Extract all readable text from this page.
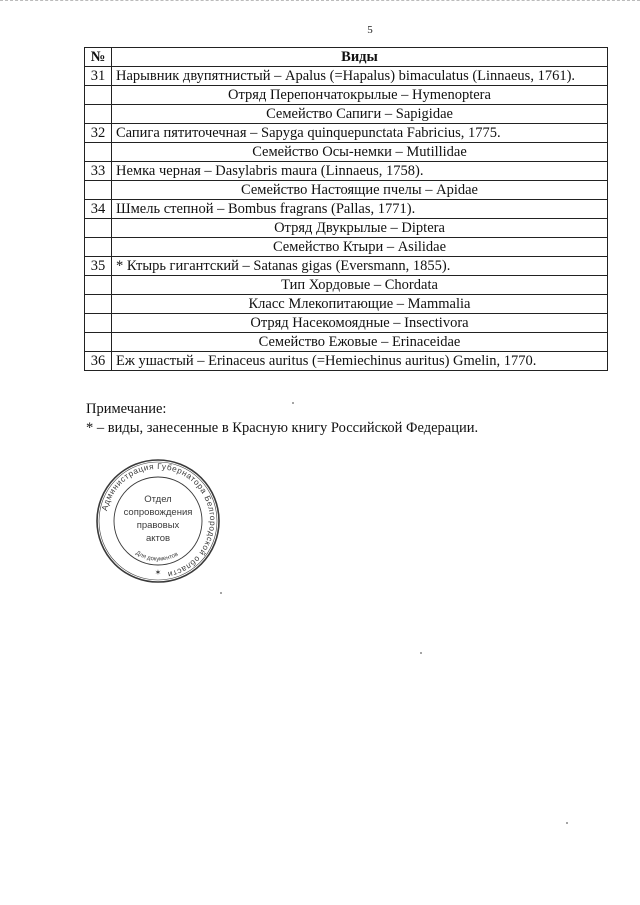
5
№	Виды
31	Нарывник двупятнистый – Apalus (=Hapalus) bimaculatus (Linnaeus, 1761).
	Отряд Перепончатокрылые – Hymenoptera
	Семейство Сапиги – Sapigidae
32	Сапига пятиточечная – Sapyga quinquepunctata Fabricius, 1775.
	Семейство Осы-немки – Mutillidae
33	Немка черная – Dasylabris maura (Linnaeus, 1758).
	Семейство Настоящие пчелы – Apidae
34	Шмель степной – Bombus fragrans (Pallas, 1771).
	Отряд Двукрылые – Diptera
	Семейство Ктыри – Asilidae
35	* Ктырь гигантский – Satanas gigas (Eversmann, 1855).
	Тип Хордовые – Chordata
	Класс Млекопитающие – Mammalia
	Отряд Насекомоядные – Insectivora
	Семейство Ежовые – Erinaceidae
36	Еж ушастый – Erinaceus auritus (=Hemiechinus auritus) Gmelin, 1770.
Примечание:
* – виды, занесенные в Красную книгу Российской Федерации.
Администрация Губернатора Белгородской области
Для документов
Отдел
сопровождения
правовых
актов
✶
